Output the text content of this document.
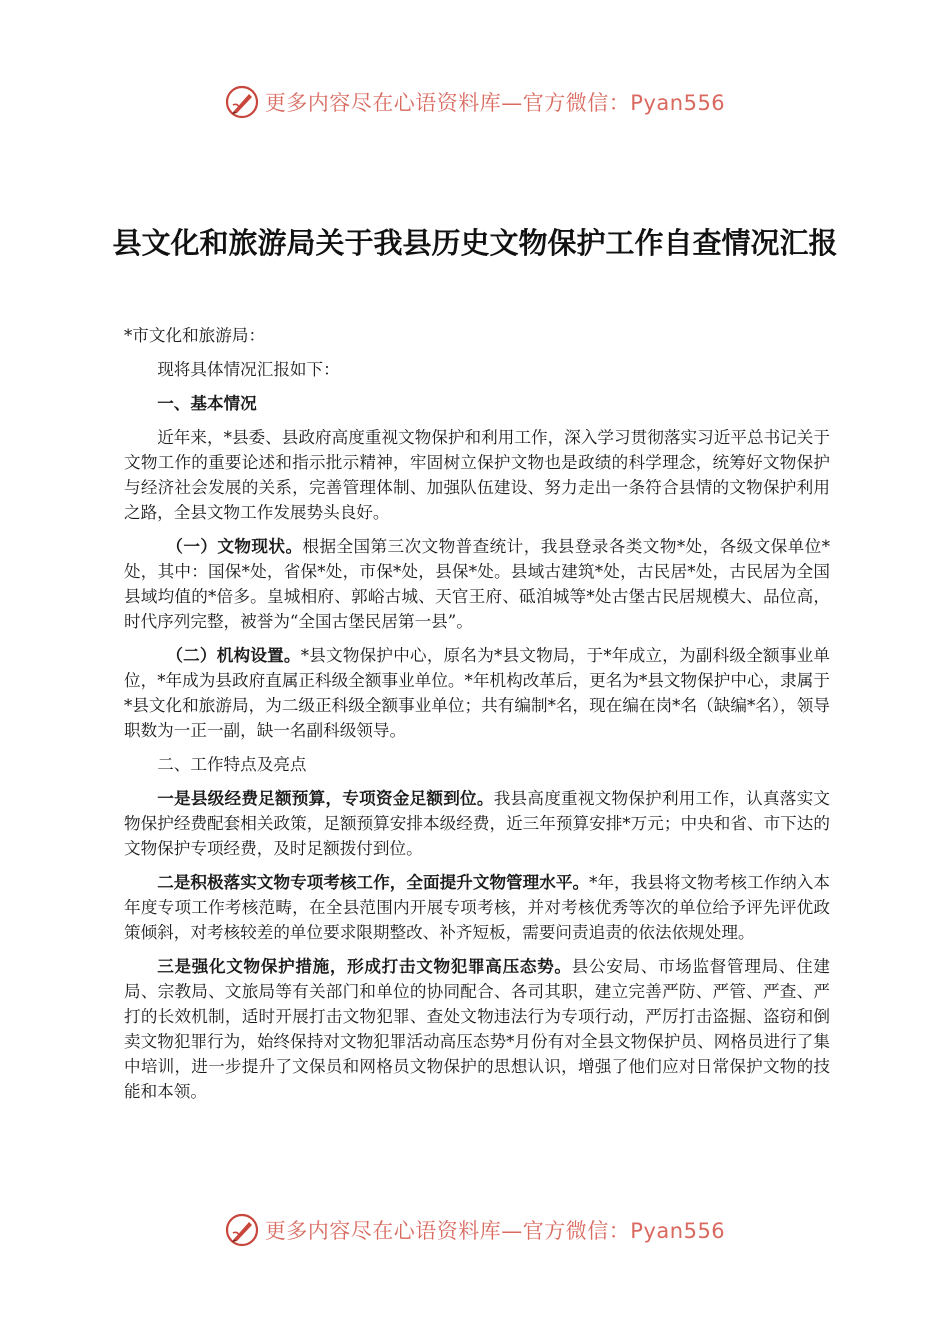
更多内容尽在心语资料库—官方微信：Pyan556
县文化和旅游局关于我县历史文物保护工作自查情况汇报

*市文化和旅游局：

现将具体情况汇报如下：

一、基本情况

近年来，*县委、县政府高度重视文物保护和利用工作，深入学习贯彻落实习近平总书记关于文物工作的重要论述和指示批示精神，牢固树立保护文物也是政绩的科学理念，统筹好文物保护与经济社会发展的关系，完善管理体制、加强队伍建设、努力走出一条符合县情的文物保护利用之路，全县文物工作发展势头良好。

（一）文物现状。根据全国第三次文物普查统计，我县登录各类文物*处，各级文保单位*处，其中：国保*处，省保*处，市保*处，县保*处。县域古建筑*处，古民居*处，古民居为全国县域均值的*倍多。皇城相府、郭峪古城、天官王府、砥洎城等*处古堡古民居规模大、品位高，时代序列完整，被誉为“全国古堡民居第一县”。

（二）机构设置。*县文物保护中心，原名为*县文物局，于*年成立，为副科级全额事业单位，*年成为县政府直属正科级全额事业单位。*年机构改革后，更名为*县文物保护中心，隶属于*县文化和旅游局，为二级正科级全额事业单位；共有编制*名，现在编在岗*名（缺编*名），领导职数为一正一副，缺一名副科级领导。

二、工作特点及亮点

一是县级经费足额预算，专项资金足额到位。我县高度重视文物保护利用工作，认真落实文物保护经费配套相关政策，足额预算安排本级经费，近三年预算安排*万元；中央和省、市下达的文物保护专项经费，及时足额拨付到位。

二是积极落实文物专项考核工作，全面提升文物管理水平。*年，我县将文物考核工作纳入本年度专项工作考核范畴，在全县范围内开展专项考核，并对考核优秀等次的单位给予评先评优政策倾斜，对考核较差的单位要求限期整改、补齐短板，需要问责追责的依法依规处理。

三是强化文物保护措施，形成打击文物犯罪高压态势。县公安局、市场监督管理局、住建局、宗教局、文旅局等有关部门和单位的协同配合、各司其职，建立完善严防、严管、严查、严打的长效机制，适时开展打击文物犯罪、查处文物违法行为专项行动，严厉打击盗掘、盗窃和倒卖文物犯罪行为，始终保持对文物犯罪活动高压态势*月份有对全县文物保护员、网格员进行了集中培训，进一步提升了文保员和网格员文物保护的思想认识，增强了他们应对日常保护文物的技能和本领。

更多内容尽在心语资料库—官方微信：Pyan556
